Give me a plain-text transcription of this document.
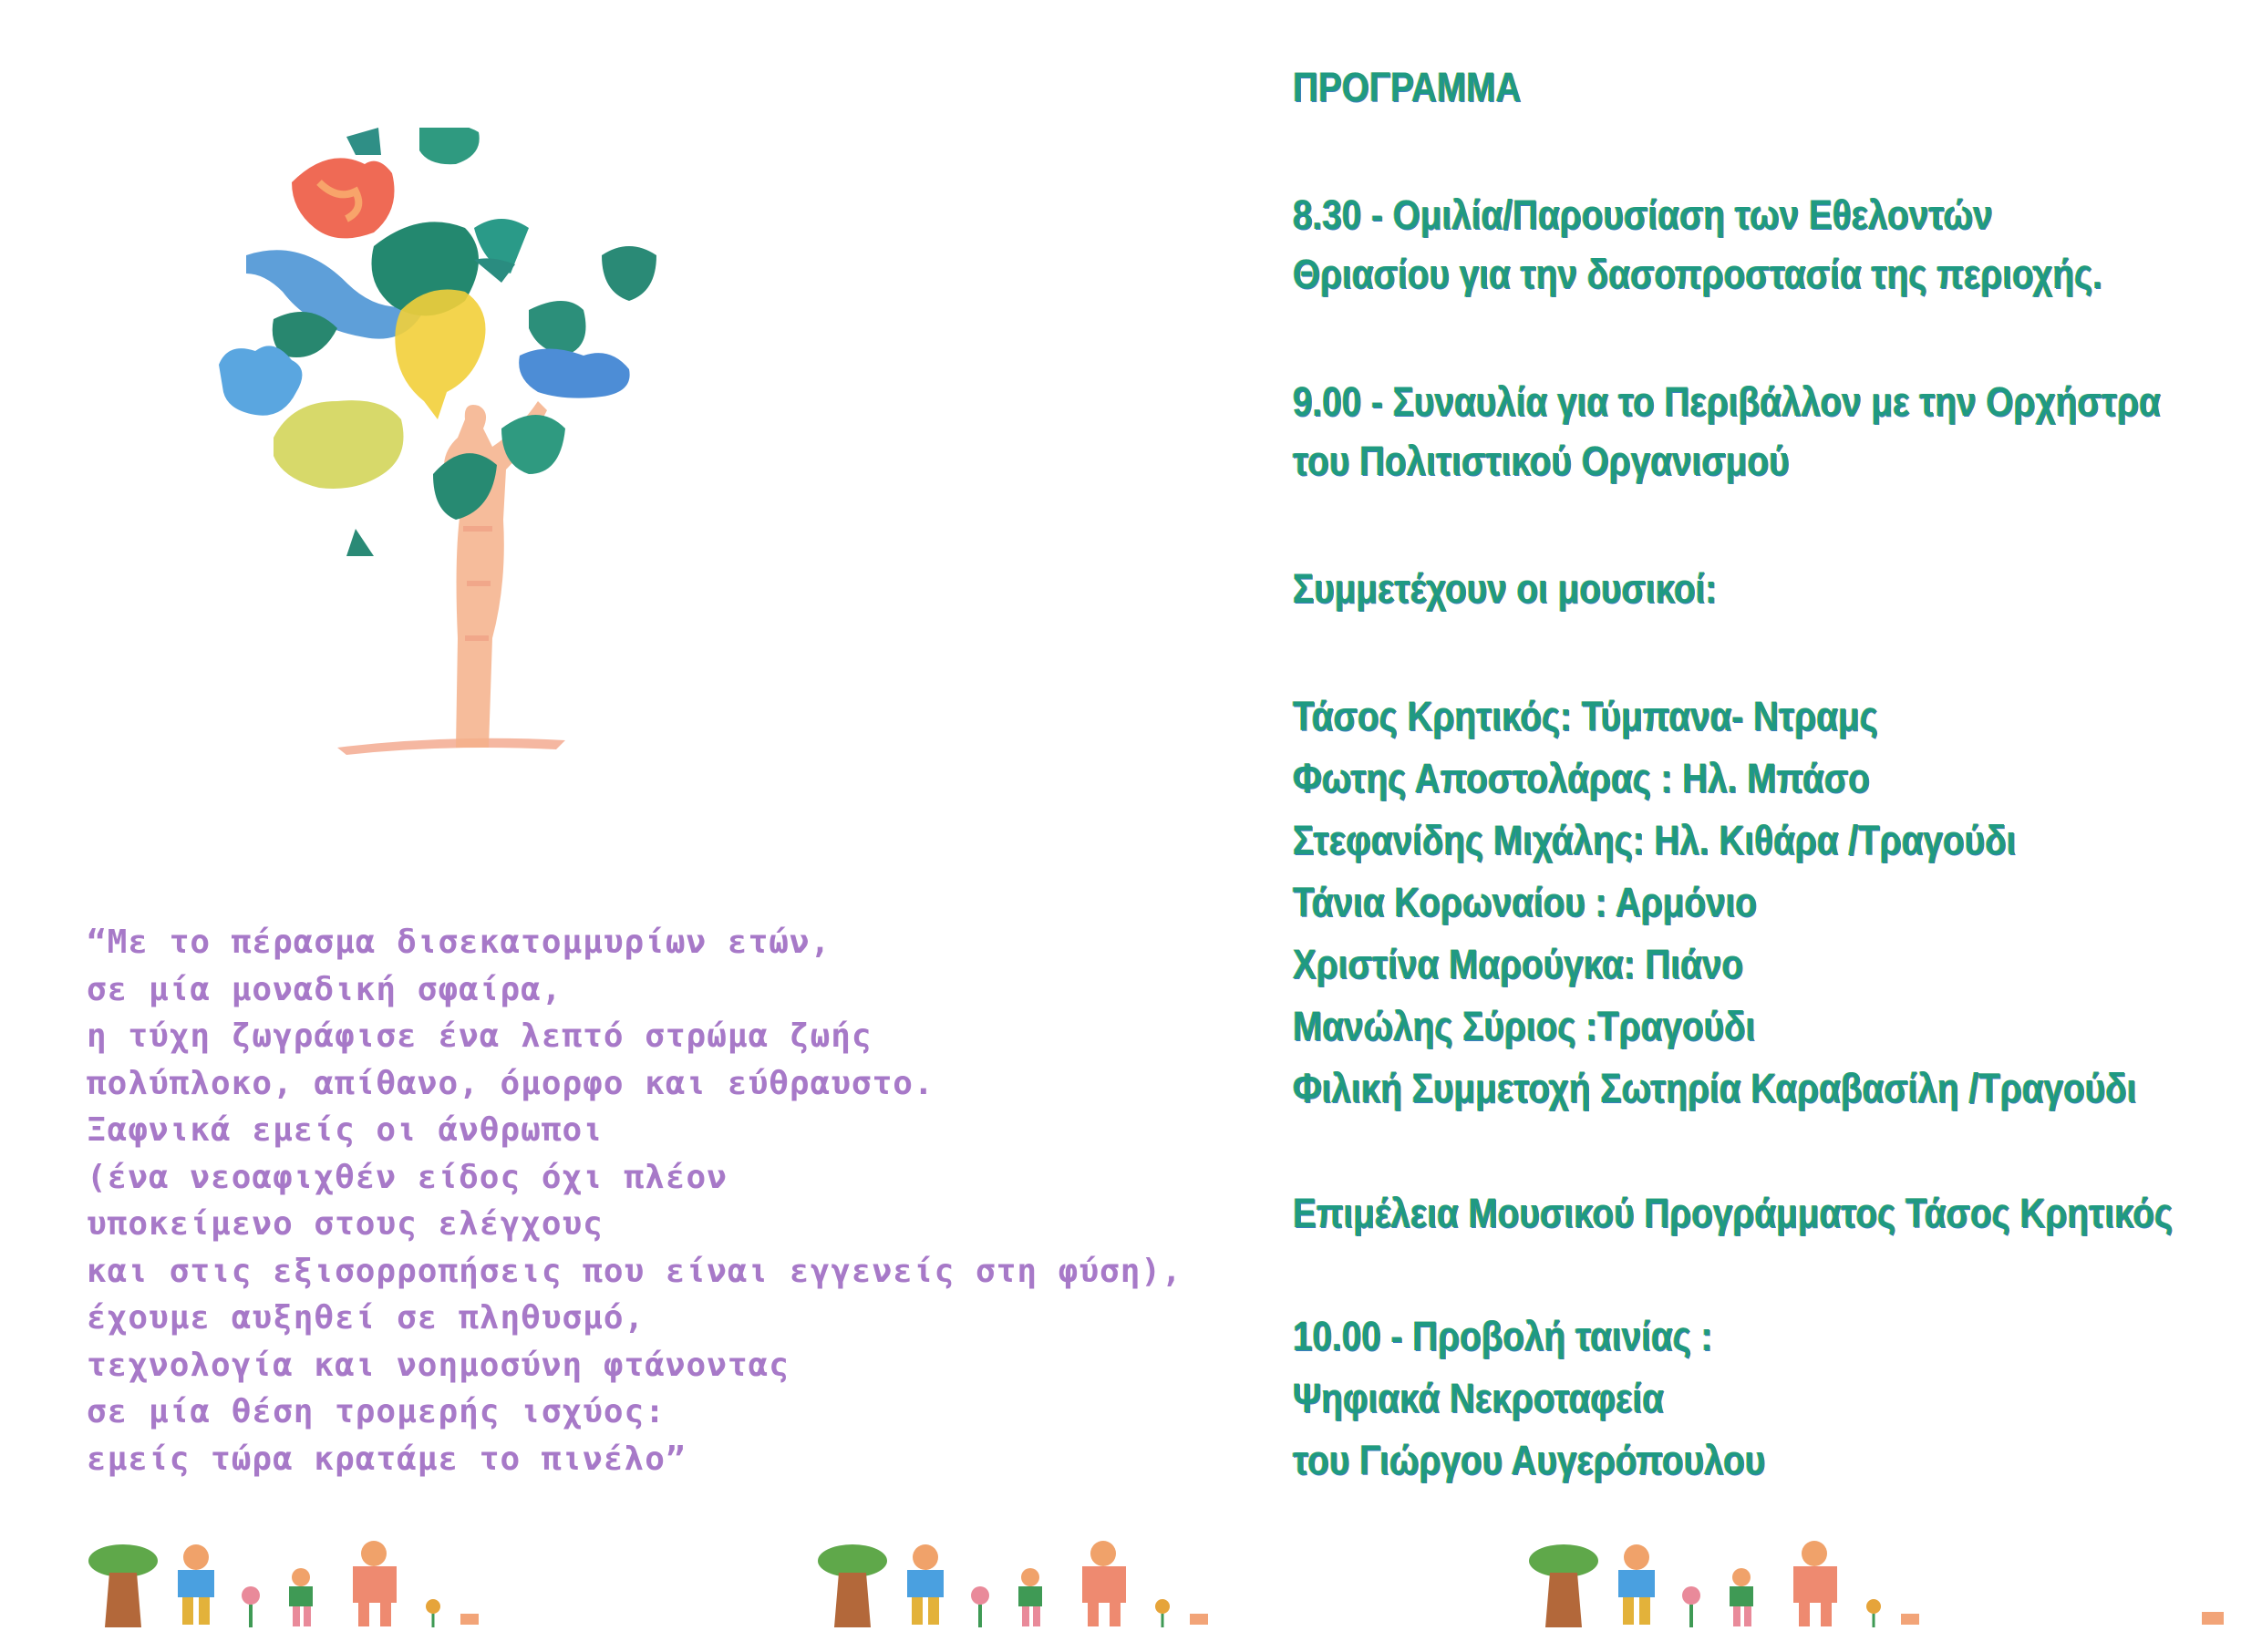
“Με το πέρασμα δισεκατομμυρίων ετών,
σε μία μοναδική σφαίρα,
η τύχη ζωγράφισε ένα λεπτό στρώμα ζωής
πολύπλοκο, απίθανο, όμορφο και εύθραυστο.
Ξαφνικά εμείς οι άνθρωποι
(ένα νεοαφιχθέν είδος όχι πλέον
υποκείμενο στους ελέγχους
και στις εξισορροπήσεις που είναι εγγενείς στη φύση),
έχουμε αυξηθεί σε πληθυσμό,
τεχνολογία και νοημοσύνη φτάνοντας
σε μία θέση τρομερής ισχύος:
εμείς τώρα κρατάμε το πινέλο”
ΠΡΟΓΡΑΜΜΑ
8.30 - Ομιλία/Παρουσίαση των Εθελοντών
Θριασίου για την δασοπροστασία της περιοχής.
9.00 - Συναυλία για το Περιβάλλον με την Ορχήστρα
του Πολιτιστικού Οργανισμού
Συμμετέχουν οι μουσικοί:
Τάσος Κρητικός: Τύμπανα- Ντραμς
Φωτης Αποστολάρας : Ηλ. Μπάσο
Στεφανίδης Μιχάλης: Ηλ. Κιθάρα /Τραγούδι
Τάνια Κορωναίου : Αρμόνιο
Χριστίνα Μαρούγκα: Πιάνο
Μανώλης Σύριος :Τραγούδι
Φιλική Συμμετοχή Σωτηρία Καραβασίλη /Τραγούδι
Επιμέλεια Μουσικού Προγράμματος Τάσος Κρητικός
10.00 - Προβολή ταινίας :
Ψηφιακά Νεκροταφεία
του Γιώργου Αυγερόπουλου
